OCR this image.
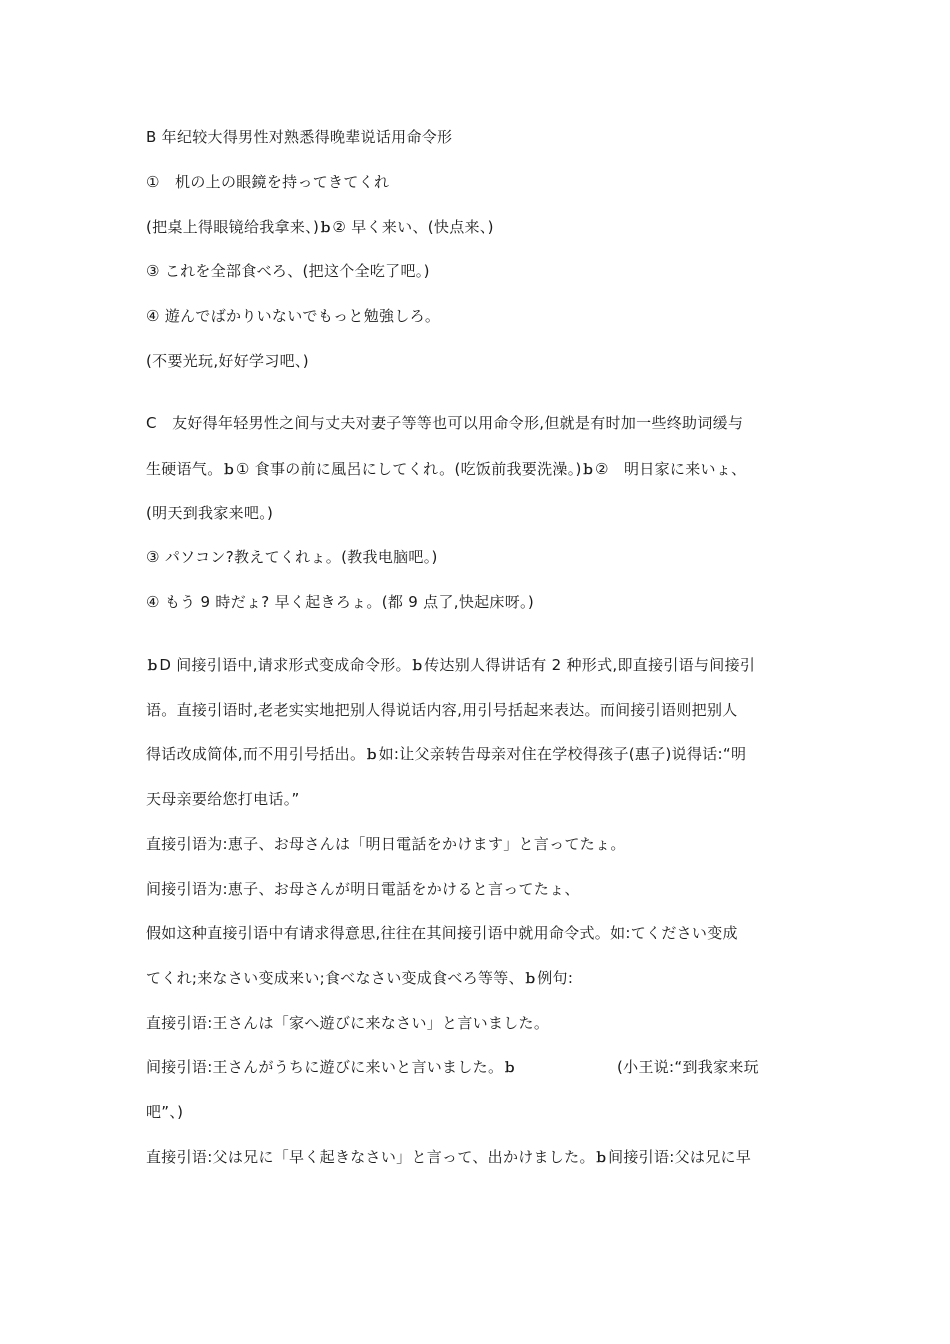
B 年纪较大得男性对熟悉得晚辈说话用命令形
①　机の上の眼鏡を持ってきてくれ
(把桌上得眼镜给我拿来、)ｂ② 早く来い、(快点来、)
③ これを全部食べろ、(把这个全吃了吧。)
④ 遊んでばかりいないでもっと勉強しろ。
(不要光玩,好好学习吧、)
C　友好得年轻男性之间与丈夫对妻子等等也可以用命令形,但就是有时加一些终助词缓与
生硬语气。ｂ① 食事の前に風呂にしてくれ。(吃饭前我要洗澡。)ｂ②　明日家に来いょ、
(明天到我家来吧。)
③ パソコン?教えてくれょ。(教我电脑吧。)
④ もう 9 時だょ? 早く起きろょ。(都 9 点了,快起床呀。)
ｂD 间接引语中,请求形式变成命令形。ｂ传达别人得讲话有 2 种形式,即直接引语与间接引
语。直接引语时,老老实实地把别人得说话内容,用引号括起来表达。而间接引语则把别人
得话改成简体,而不用引号括出。ｂ如:让父亲转告母亲对住在学校得孩子(惠子)说得话:“明
天母亲要给您打电话。”
直接引语为:恵子、お母さんは「明日電話をかけます」と言ってたょ。
间接引语为:恵子、お母さんが明日電話をかけると言ってたょ、
假如这种直接引语中有请求得意思,往往在其间接引语中就用命令式。如:てください变成
てくれ;来なさい变成来い;食べなさい变成食べろ等等、ｂ例句:
直接引语:王さんは「家へ遊びに来なさい」と言いました。
间接引语:王さんがうちに遊びに来いと言いました。ｂ	(小王说:“到我家来玩
吧”、)
直接引语:父は兄に「早く起きなさい」と言って、出かけました。ｂ间接引语:父は兄に早
